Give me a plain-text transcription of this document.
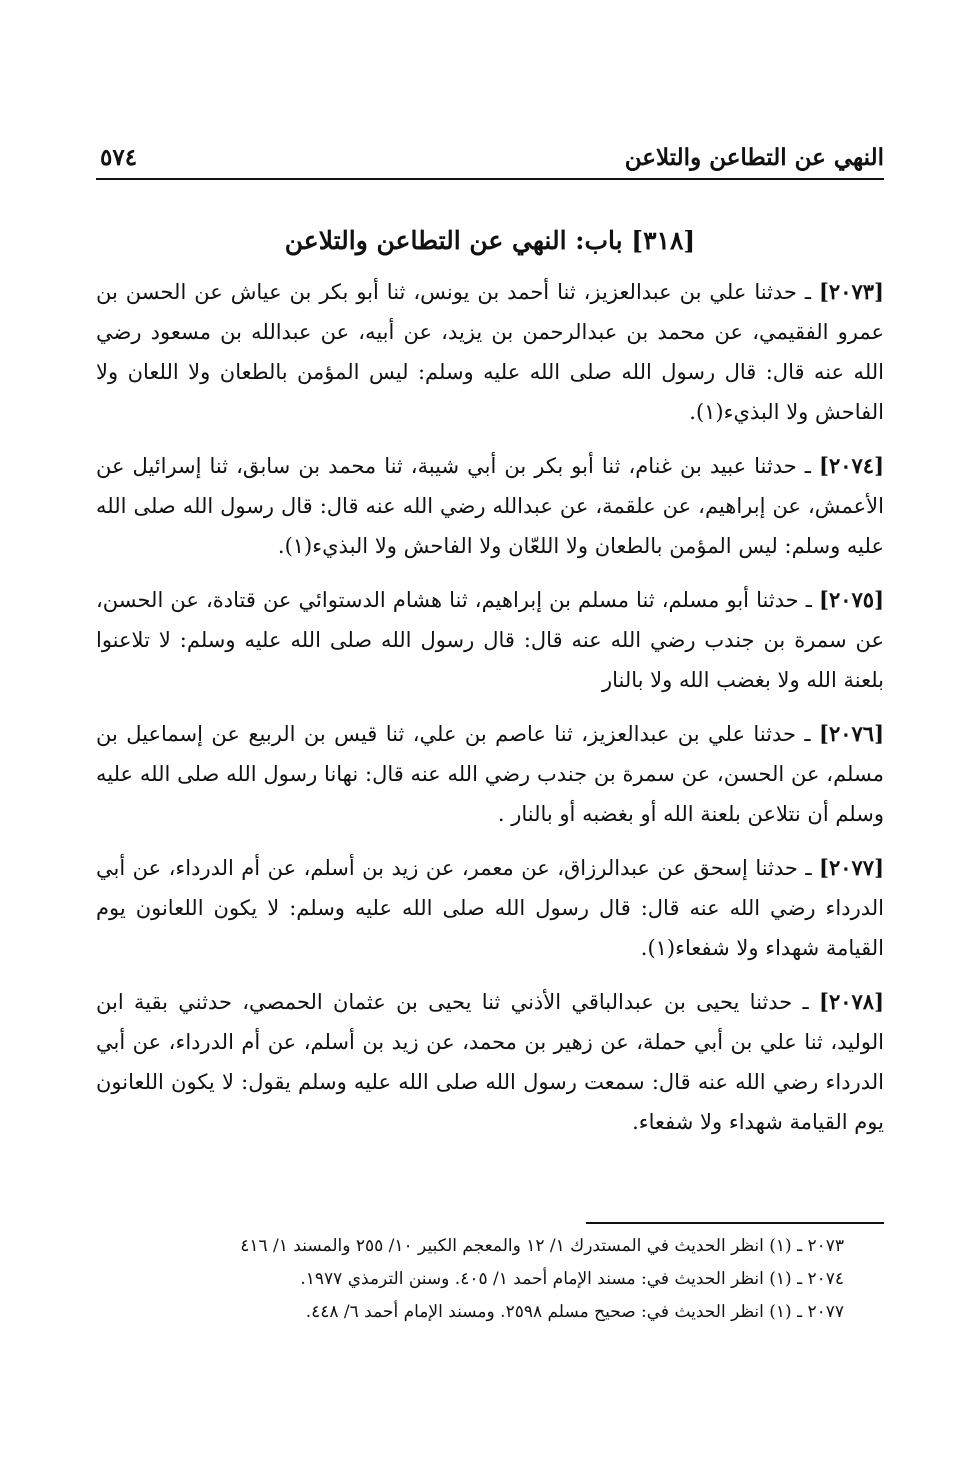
النهي عن التطاعن والتلاعن
٥٧٤
[٣١٨] باب: النهي عن التطاعن والتلاعن

[٢٠٧٣] ـ حدثنا علي بن عبدالعزيز، ثنا أحمد بن يونس، ثنا أبو بكر بن عياش عن الحسن بن عمرو الفقيمي، عن محمد بن عبدالرحمن بن يزيد، عن أبيه، عن عبدالله بن مسعود رضي الله عنه قال: قال رسول الله صلى الله عليه وسلم: ليس المؤمن بالطعان ولا اللعان ولا الفاحش ولا البذيء(١).

[٢٠٧٤] ـ حدثنا عبيد بن غنام، ثنا أبو بكر بن أبي شيبة، ثنا محمد بن سابق، ثنا إسرائيل عن الأعمش، عن إبراهيم، عن علقمة، عن عبدالله رضي الله عنه قال: قال رسول الله صلى الله عليه وسلم: ليس المؤمن بالطعان ولا اللعّان ولا الفاحش ولا البذيء(١).

[٢٠٧٥] ـ حدثنا أبو مسلم، ثنا مسلم بن إبراهيم، ثنا هشام الدستوائي عن قتادة، عن الحسن، عن سمرة بن جندب رضي الله عنه قال: قال رسول الله صلى الله عليه وسلم: لا تلاعنوا بلعنة الله ولا بغضب الله ولا بالنار

[٢٠٧٦] ـ حدثنا علي بن عبدالعزيز، ثنا عاصم بن علي، ثنا قيس بن الربيع عن إسماعيل بن مسلم، عن الحسن، عن سمرة بن جندب رضي الله عنه قال: نهانا رسول الله صلى الله عليه وسلم أن نتلاعن بلعنة الله أو بغضبه أو بالنار .

[٢٠٧٧] ـ حدثنا إسحق عن عبدالرزاق، عن معمر، عن زيد بن أسلم، عن أم الدرداء، عن أبي الدرداء رضي الله عنه قال: قال رسول الله صلى الله عليه وسلم: لا يكون اللعانون يوم القيامة شهداء ولا شفعاء(١).

[٢٠٧٨] ـ حدثنا يحيى بن عبدالباقي الأذني ثنا يحيى بن عثمان الحمصي، حدثني بقية ابن الوليد، ثنا علي بن أبي حملة، عن زهير بن محمد، عن زيد بن أسلم، عن أم الدرداء، عن أبي الدرداء رضي الله عنه قال: سمعت رسول الله صلى الله عليه وسلم يقول: لا يكون اللعانون يوم القيامة شهداء ولا شفعاء.

٢٠٧٣ ـ (١) انظر الحديث في المستدرك ١/ ١٢ والمعجم الكبير ١٠/ ٢٥٥ والمسند ١/ ٤١٦
٢٠٧٤ ـ (١) انظر الحديث في: مسند الإمام أحمد ١/ ٤٠٥. وسنن الترمذي ١٩٧٧.
٢٠٧٧ ـ (١) انظر الحديث في: صحيح مسلم ٢٥٩٨. ومسند الإمام أحمد ٦/ ٤٤٨.
